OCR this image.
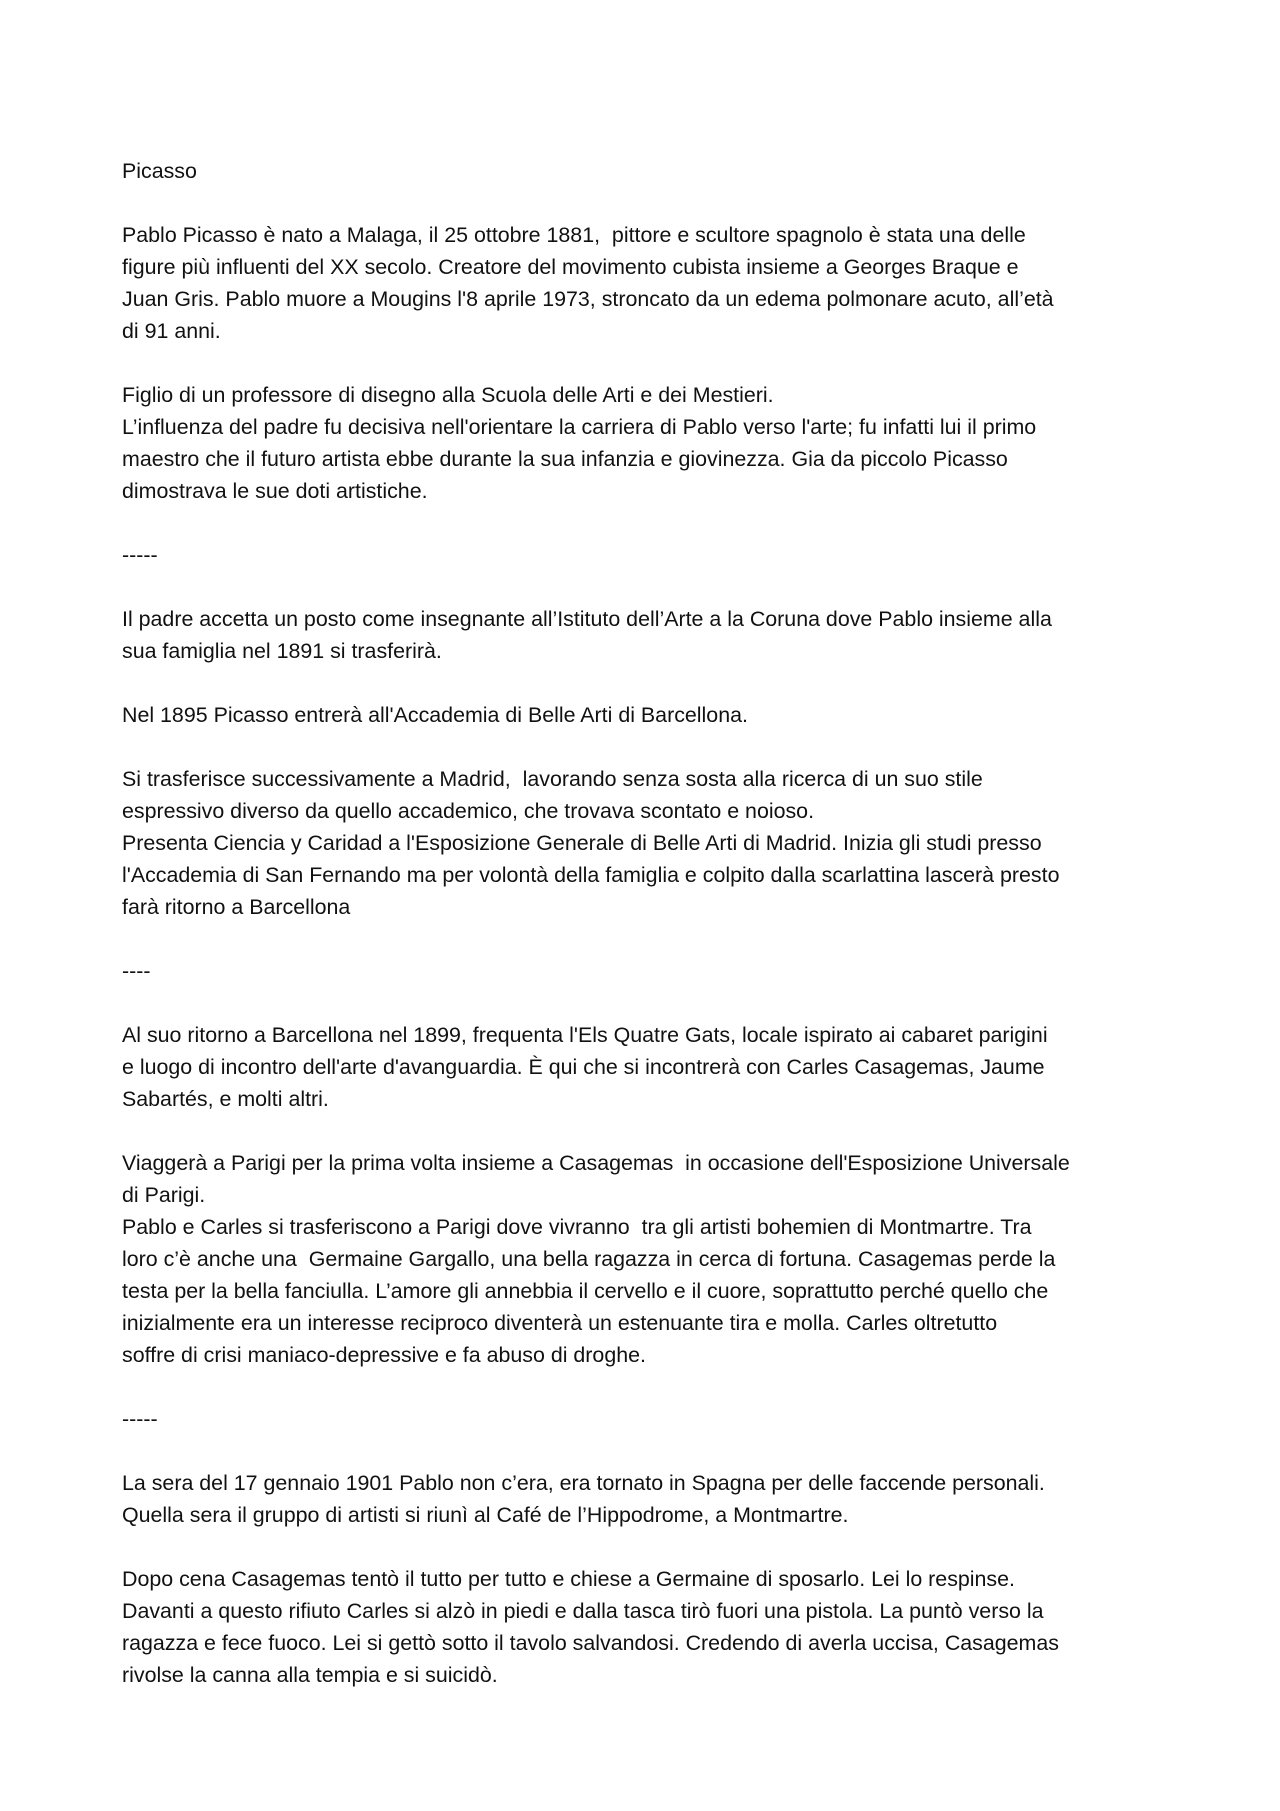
Picasso

Pablo Picasso è nato a Malaga, il 25 ottobre 1881,  pittore e scultore spagnolo è stata una delle

figure più influenti del XX secolo. Creatore del movimento cubista insieme a Georges Braque e

Juan Gris. Pablo muore a Mougins l'8 aprile 1973, stroncato da un edema polmonare acuto, all’età

di 91 anni.

Figlio di un professore di disegno alla Scuola delle Arti e dei Mestieri.

L’influenza del padre fu decisiva nell'orientare la carriera di Pablo verso l'arte; fu infatti lui il primo

maestro che il futuro artista ebbe durante la sua infanzia e giovinezza. Gia da piccolo Picasso

dimostrava le sue doti artistiche.

-----

Il padre accetta un posto come insegnante all’Istituto dell’Arte a la Coruna dove Pablo insieme alla

sua famiglia nel 1891 si trasferirà.

Nel 1895 Picasso entrerà all'Accademia di Belle Arti di Barcellona.

Si trasferisce successivamente a Madrid,  lavorando senza sosta alla ricerca di un suo stile

espressivo diverso da quello accademico, che trovava scontato e noioso.

Presenta Ciencia y Caridad a l'Esposizione Generale di Belle Arti di Madrid. Inizia gli studi presso

l'Accademia di San Fernando ma per volontà della famiglia e colpito dalla scarlattina lascerà presto

farà ritorno a Barcellona

----

Al suo ritorno a Barcellona nel 1899, frequenta l'Els Quatre Gats, locale ispirato ai cabaret parigini

e luogo di incontro dell'arte d'avanguardia. È qui che si incontrerà con Carles Casagemas, Jaume

Sabartés, e molti altri.

Viaggerà a Parigi per la prima volta insieme a Casagemas  in occasione dell'Esposizione Universale

di Parigi.

Pablo e Carles si trasferiscono a Parigi dove vivranno  tra gli artisti bohemien di Montmartre. Tra

loro c’è anche una  Germaine Gargallo, una bella ragazza in cerca di fortuna. Casagemas perde la

testa per la bella fanciulla. L’amore gli annebbia il cervello e il cuore, soprattutto perché quello che

inizialmente era un interesse reciproco diventerà un estenuante tira e molla. Carles oltretutto

soffre di crisi maniaco-depressive e fa abuso di droghe.

-----

La sera del 17 gennaio 1901 Pablo non c’era, era tornato in Spagna per delle faccende personali.

Quella sera il gruppo di artisti si riunì al Café de l’Hippodrome, a Montmartre.

Dopo cena Casagemas tentò il tutto per tutto e chiese a Germaine di sposarlo. Lei lo respinse.

Davanti a questo rifiuto Carles si alzò in piedi e dalla tasca tirò fuori una pistola. La puntò verso la

ragazza e fece fuoco. Lei si gettò sotto il tavolo salvandosi. Credendo di averla uccisa, Casagemas

rivolse la canna alla tempia e si suicidò.
